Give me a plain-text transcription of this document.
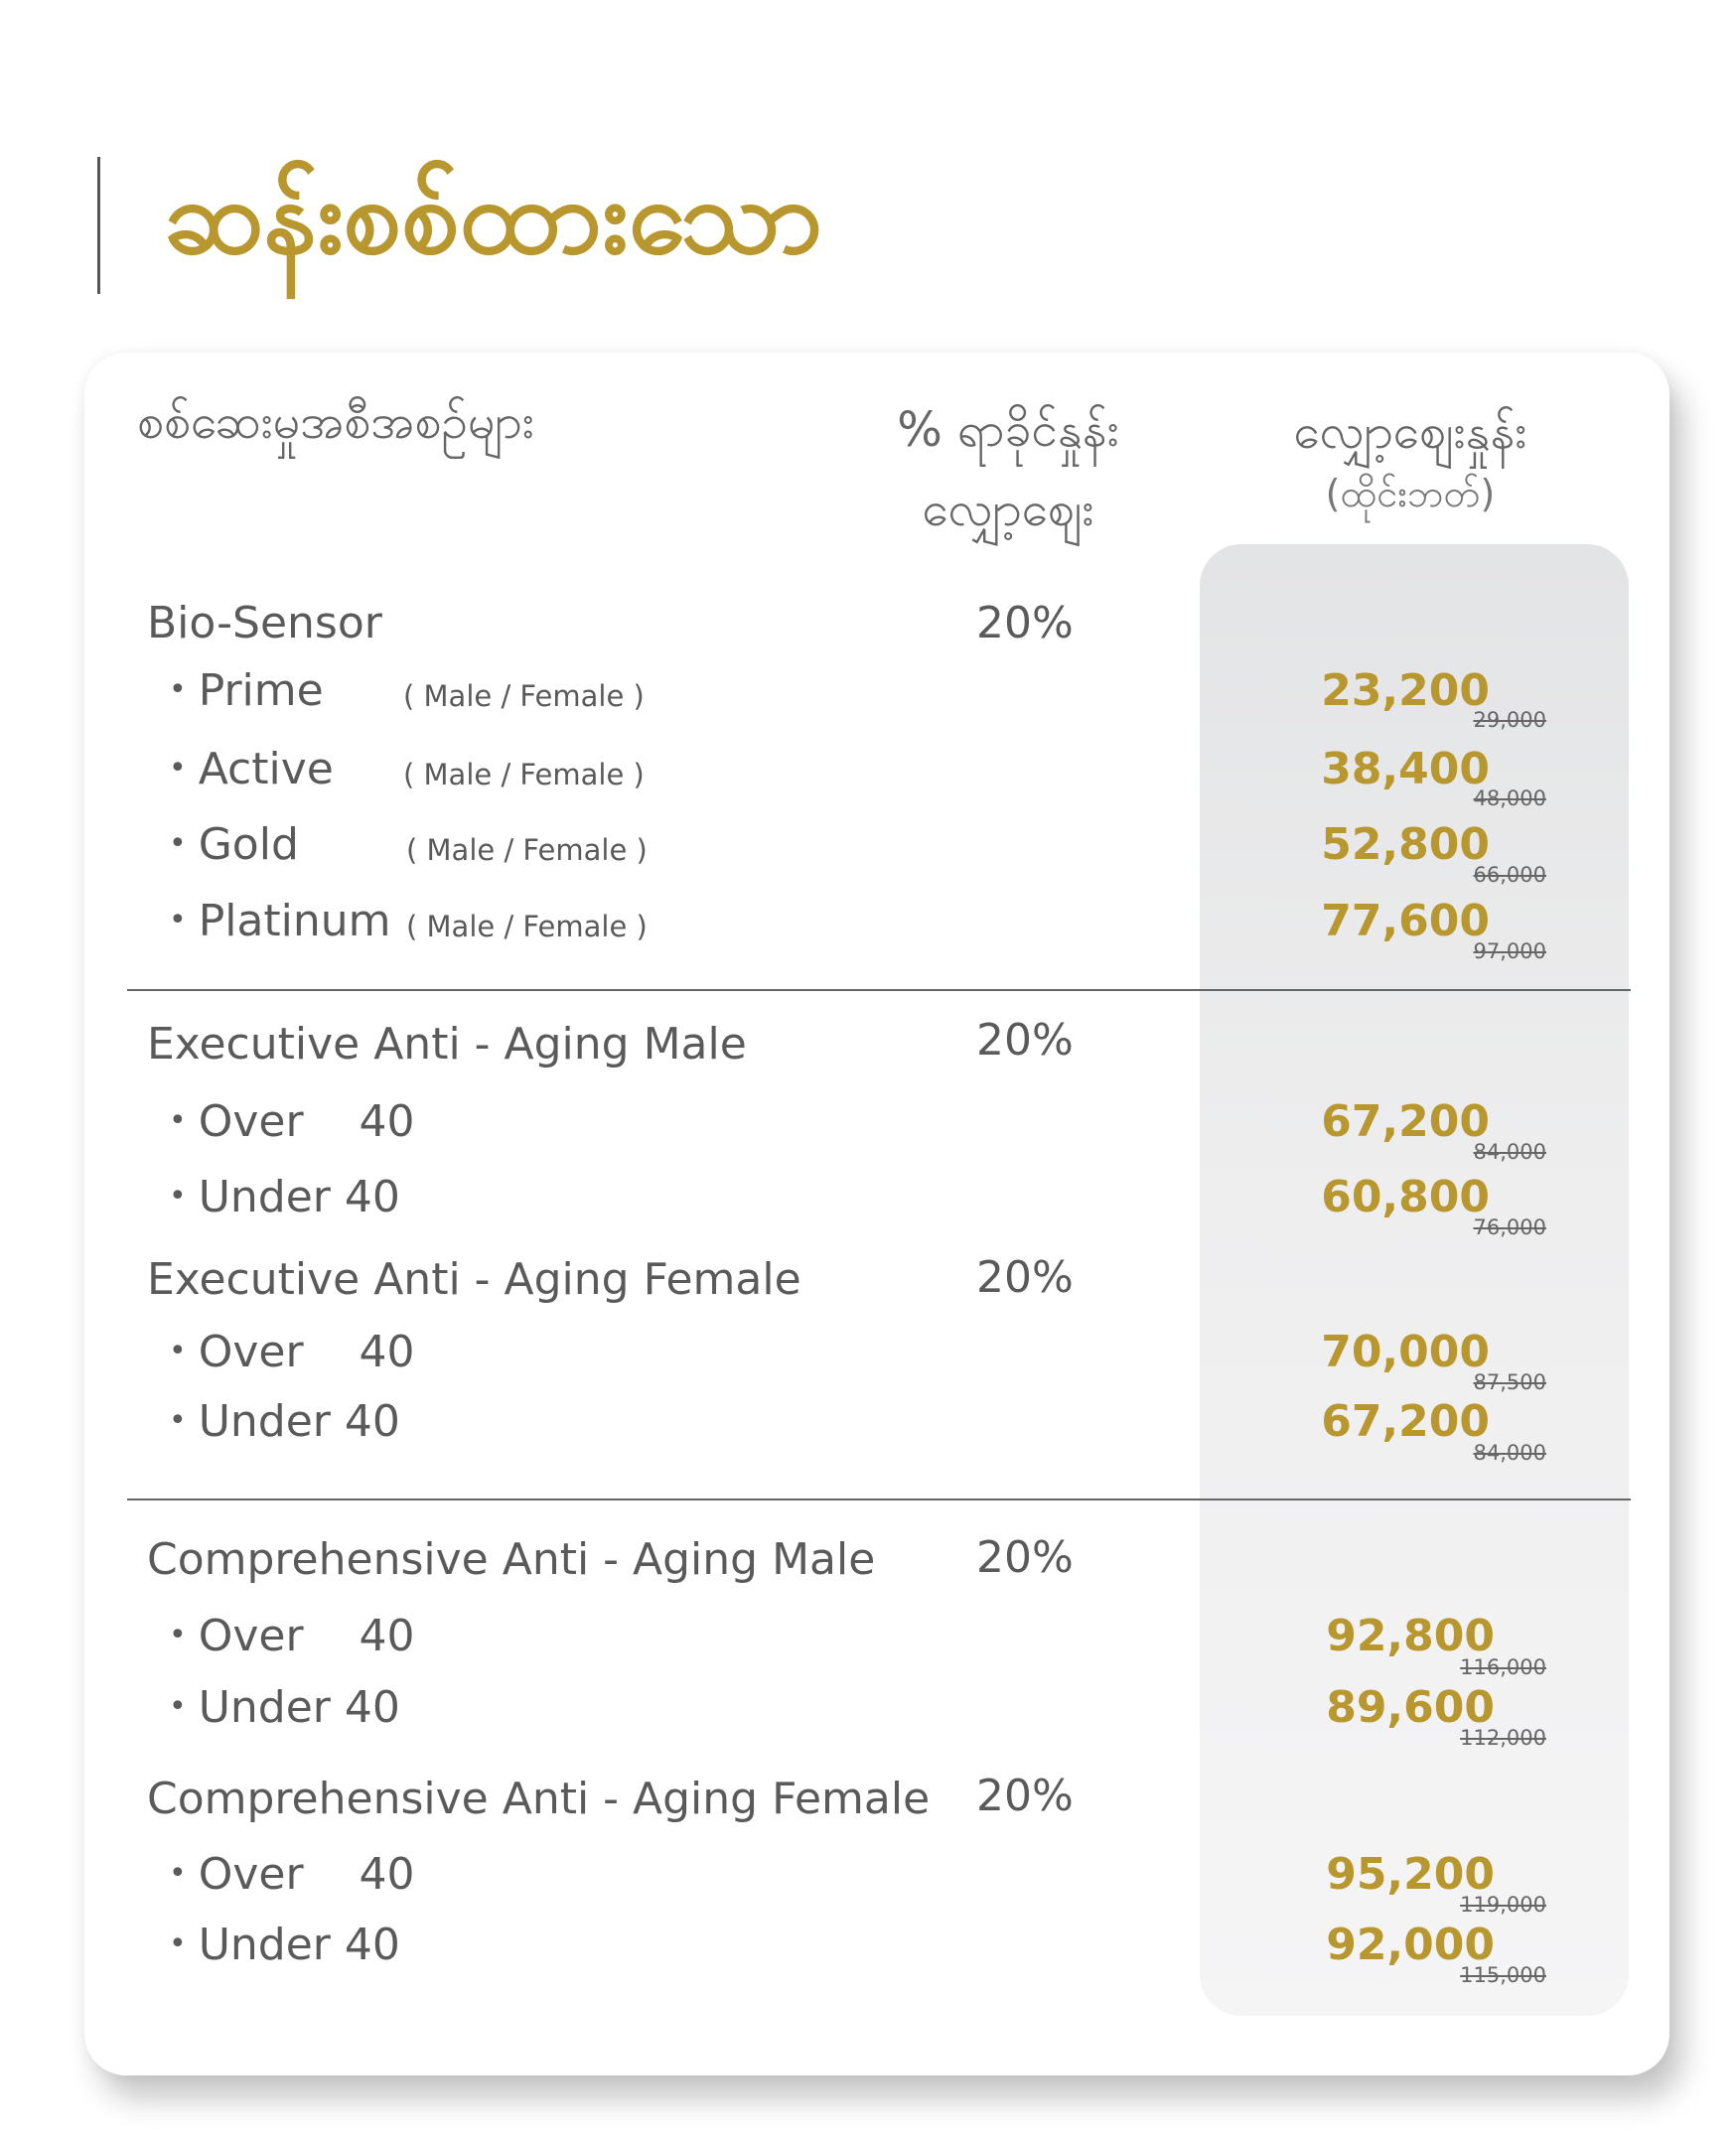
ဆန်းစစ်ထားသော
စစ်ဆေးမှုအစီအစဉ်များ	% ရာခိုင်နှုန်း
လျှော့စျေး
လျှော့စျေးနှုန်း
(ထိုင်းဘတ်)
Bio-Sensor	20%
• Prime	( Male / Female )	23,200
29,000
• Active ( Male / Female )	38,400
48,000
• Gold	( Male / Female )	52,800
66,000
• Platinum ( Male / Female )	77,600
97,000
Executive Anti - Aging Male	20%
• Over    40	67,200
84,000
• Under 40	60,800
76,000
Executive Anti - Aging Female	20%
• Over    40	70,000
87,500
• Under 40	67,200
84,000
Comprehensive Anti - Aging Male 20%
• Over    40	92,800
116,000
• Under 40	89,600
112,000
Comprehensive Anti - Aging Female 20%
• Over    40	95,200
119,000
• Under 40	92,000
115,000
